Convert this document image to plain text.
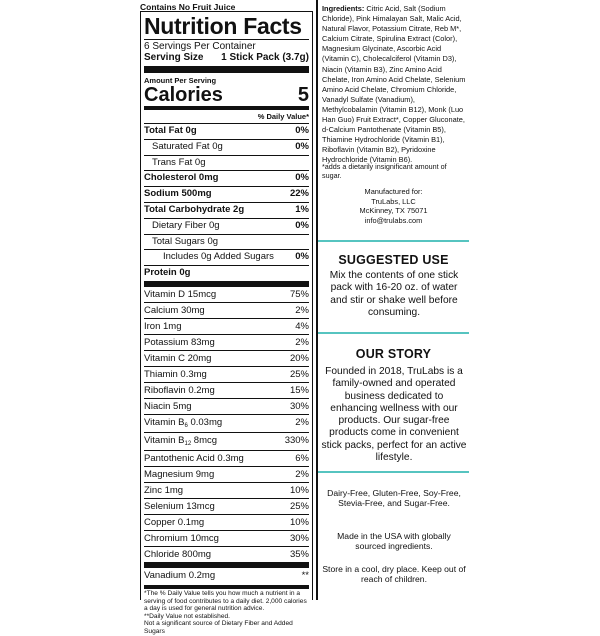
Contains No Fruit Juice
Nutrition Facts
6 Servings Per Container
Serving Size 1 Stick Pack (3.7g)
Amount Per Serving
Calories	5
% Daily Value*
Total Fat 0g	0%
Saturated Fat 0g	0%
Trans Fat 0g
Cholesterol 0mg	0%
Sodium 500mg	22%
Total Carbohydrate 2g	1%
Dietary Fiber 0g	0%
Total Sugars 0g
Includes 0g Added Sugars 0%
Protein 0g
Vitamin D 15mcg	75%
Calcium 30mg	2%
Iron 1mg	4%
Potassium 83mg	2%
Vitamin C 20mg	20%
Thiamin 0.3mg	25%
Riboflavin 0.2mg	15%
Niacin 5mg	30%
Vitamin $B_6$ 0.03mg	2%
Vitamin $B_{12}$ 8mcg	330%
Pantothenic Acid 0.3mg	6%
Magnesium 9mg	2%
Zinc 1mg	10%
Selenium 13mcg	25%
Copper 0.1mg	10%
Chromium 10mcg	30%
Chloride 800mg	35%
Vanadium 0.2mg	**
*The % Daily Value tells you how much a nutrient in a serving of food contributes to a daily diet. 2,000 calories a day is used for general nutrition advice.
**Daily Value not established.
Not a significant source of Dietary Fiber and Added Sugars
Ingredients: Citric Acid, Salt (Sodium Chloride), Pink Himalayan Salt, Malic Acid, Natural Flavor, Potassium Citrate, Reb M*, Calcium Citrate, Spirulina Extract (Color), Magnesium Glycinate, Ascorbic Acid (Vitamin C), Cholecalciferol (Vitamin D3), Niacin (Vitamin B3), Zinc Amino Acid Chelate, Iron Amino Acid Chelate, Selenium Amino Acid Chelate, Chromium Chloride, Vanadyl Sulfate (Vanadium), Methylcobalamin (Vitamin B12), Monk (Luo Han Guo) Fruit Extract*, Copper Gluconate, d-Calcium Pantothenate (Vitamin B5), Thiamine Hydrochloride (Vitamin B1), Riboflavin (Vitamin B2), Pyridoxine Hydrochloride (Vitamin B6).
*adds a dietarily insignificant amount of sugar.
Manufactured for:
TruLabs, LLC
McKinney, TX 75071
info@trulabs.com
SUGGESTED USE
Mix the contents of one stick pack with 16-20 oz. of water and stir or shake well before consuming.
OUR STORY
Founded in 2018, TruLabs is a family-owned and operated business dedicated to enhancing wellness with our products. Our sugar-free products come in convenient stick packs, perfect for an active lifestyle.
Dairy-Free, Gluten-Free, Soy-Free, Stevia-Free, and Sugar-Free.
Made in the USA with globally sourced ingredients.
Store in a cool, dry place. Keep out of reach of children.
